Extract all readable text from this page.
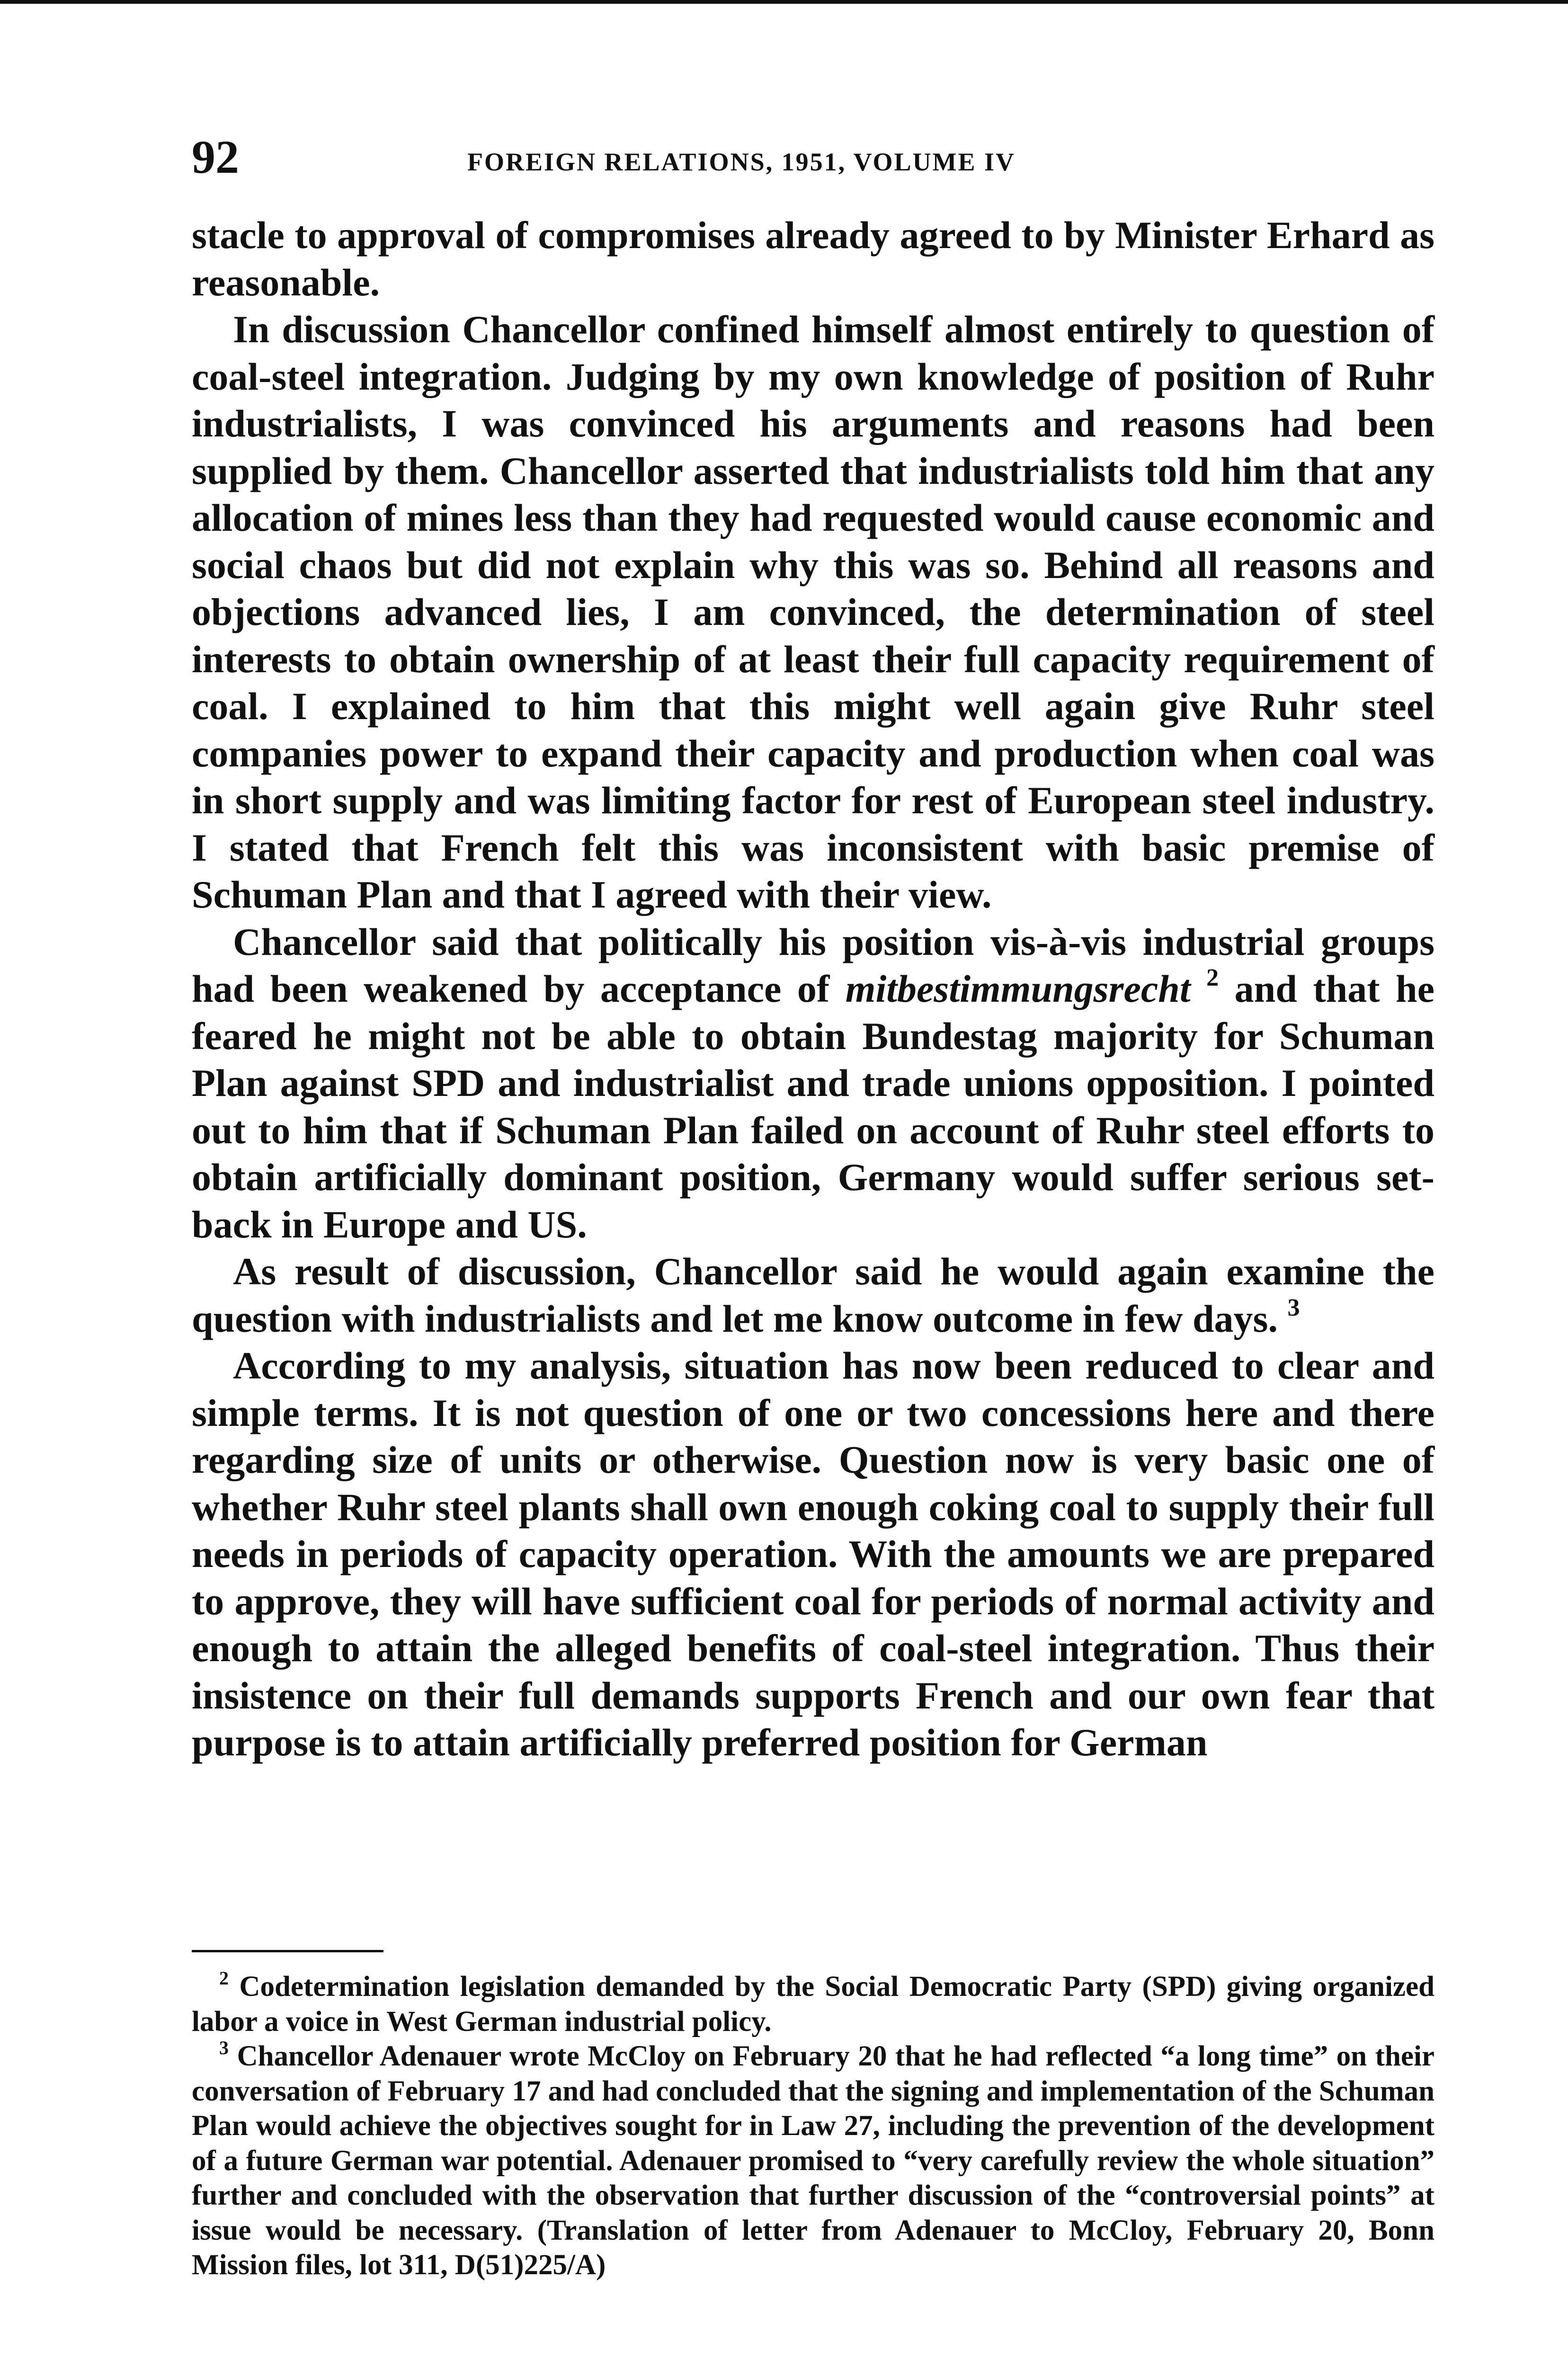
92	FOREIGN RELATIONS, 1951, VOLUME IV

stacle to approval of compromises already agreed to by Minister Erhard as reasonable.

In discussion Chancellor confined himself almost entirely to question of coal-steel integration. Judging by my own knowledge of position of Ruhr industrialists, I was convinced his arguments and reasons had been supplied by them. Chancellor asserted that industrialists told him that any allocation of mines less than they had requested would cause economic and social chaos but did not explain why this was so. Behind all reasons and objections advanced lies, I am convinced, the determination of steel interests to obtain ownership of at least their full capacity requirement of coal. I explained to him that this might well again give Ruhr steel companies power to expand their capacity and production when coal was in short supply and was limiting factor for rest of European steel industry. I stated that French felt this was inconsistent with basic premise of Schuman Plan and that I agreed with their view.

Chancellor said that politically his position vis-à-vis industrial groups had been weakened by acceptance of mitbestimmungsrecht $^2$ and that he feared he might not be able to obtain Bundestag majority for Schuman Plan against SPD and industrialist and trade unions opposition. I pointed out to him that if Schuman Plan failed on account of Ruhr steel efforts to obtain artificially dominant position, Germany would suffer serious set-back in Europe and US.

As result of discussion, Chancellor said he would again examine the question with industrialists and let me know outcome in few days. $^3$

According to my analysis, situation has now been reduced to clear and simple terms. It is not question of one or two concessions here and there regarding size of units or otherwise. Question now is very basic one of whether Ruhr steel plants shall own enough coking coal to supply their full needs in periods of capacity operation. With the amounts we are prepared to approve, they will have sufficient coal for periods of normal activity and enough to attain the alleged benefits of coal-steel integration. Thus their insistence on their full demands supports French and our own fear that purpose is to attain artificially preferred position for German

$^2$ Codetermination legislation demanded by the Social Democratic Party (SPD) giving organized labor a voice in West German industrial policy.

$^3$ Chancellor Adenauer wrote McCloy on February 20 that he had reflected “a long time” on their conversation of February 17 and had concluded that the signing and implementation of the Schuman Plan would achieve the objectives sought for in Law 27, including the prevention of the development of a future German war potential. Adenauer promised to “very carefully review the whole situation” further and concluded with the observation that further discussion of the “controversial points” at issue would be necessary. (Translation of letter from Adenauer to McCloy, February 20, Bonn Mission files, lot 311, D(51)225/A)
